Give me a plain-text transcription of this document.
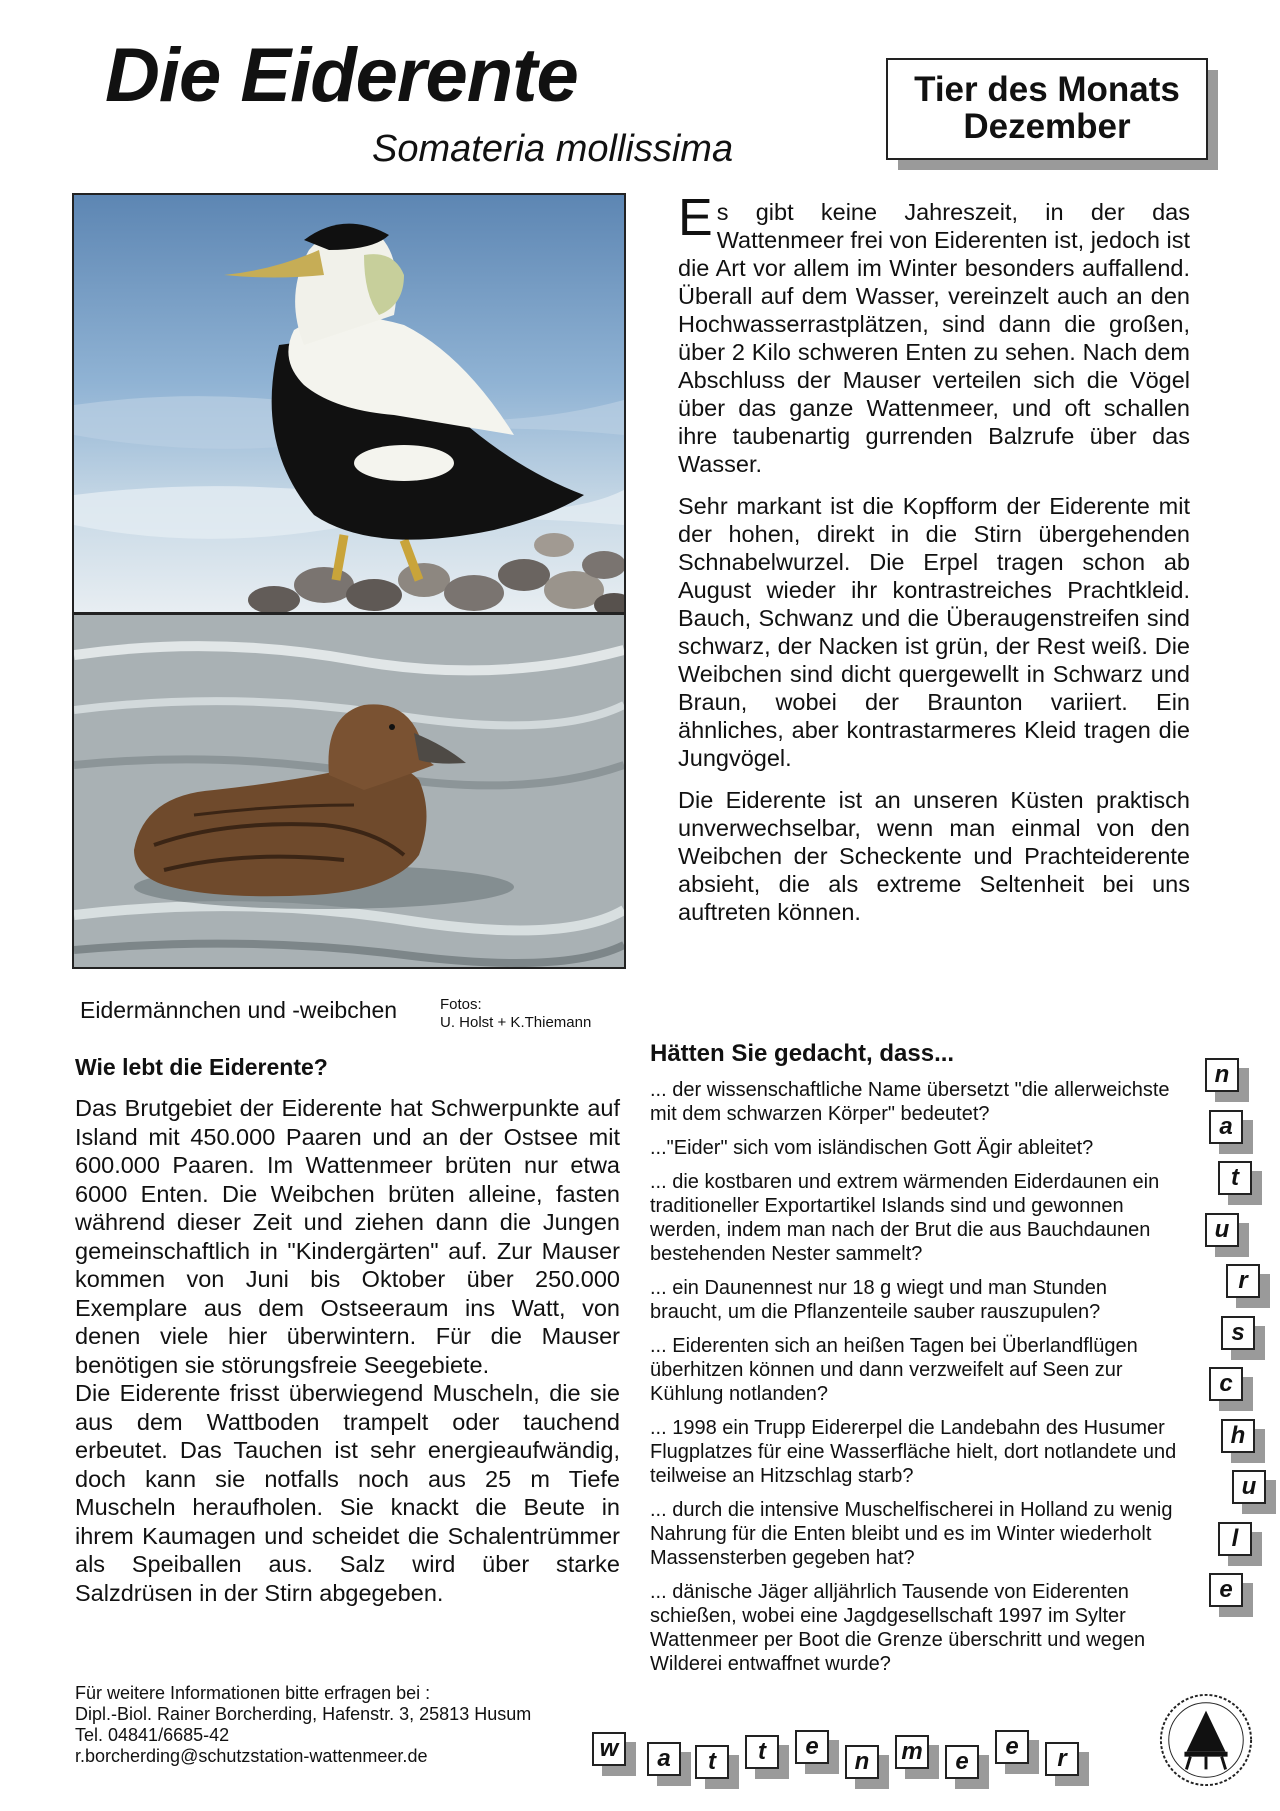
Die Eiderente
Somateria mollissima
Tier des Monats
Dezember
Eidermännchen und -weibchen	Fotos:
U. Holst + K.Thiemann

Es gibt keine Jahreszeit, in der das Wattenmeer frei von Eiderenten ist, jedoch ist die Art vor allem im Winter besonders auffallend. Überall auf dem Wasser, vereinzelt auch an den Hochwasserrastplätzen, sind dann die großen, über 2 Kilo schweren Enten zu sehen. Nach dem Abschluss der Mauser verteilen sich die Vögel über das ganze Wattenmeer, und oft schallen ihre taubenartig gurrenden Balzrufe über das Wasser.

Sehr markant ist die Kopfform der Eiderente mit der hohen, direkt in die Stirn übergehenden Schnabelwurzel. Die Erpel tragen schon ab August wieder ihr kontrastreiches Prachtkleid. Bauch, Schwanz und die Überaugenstreifen sind schwarz, der Nacken ist grün, der Rest weiß. Die Weibchen sind dicht quergewellt in Schwarz und Braun, wobei der Braunton variiert. Ein ähnliches, aber kontrastarmeres Kleid tragen die Jungvögel.

Die Eiderente ist an unseren Küsten praktisch unverwechselbar, wenn man einmal von den Weibchen der Scheckente und Prachteiderente absieht, die als extreme Seltenheit bei uns auftreten können.

Wie lebt die Eiderente?

Das Brutgebiet der Eiderente hat Schwerpunkte auf Island mit 450.000 Paaren und an der Ostsee mit 600.000 Paaren. Im Wattenmeer brüten nur etwa 6000 Enten. Die Weibchen brüten alleine, fasten während dieser Zeit und ziehen dann die Jungen gemeinschaftlich in "Kindergärten" auf. Zur Mauser kommen von Juni bis Oktober über 250.000 Exemplare aus dem Ostseeraum ins Watt, von denen viele hier überwintern. Für die Mauser benötigen sie störungsfreie Seegebiete.

Die Eiderente frisst überwiegend Muscheln, die sie aus dem Wattboden trampelt oder tauchend erbeutet. Das Tauchen ist sehr energieaufwändig, doch kann sie notfalls noch aus 25 m Tiefe Muscheln heraufholen. Sie knackt die Beute in ihrem Kaumagen und scheidet die Schalentrümmer als Speiballen aus. Salz wird über starke Salzdrüsen in der Stirn abgegeben.

Hätten Sie gedacht, dass...

... der wissenschaftliche Name übersetzt "die allerweichste mit dem schwarzen Körper" bedeutet?

..."Eider" sich vom isländischen Gott Ägir ableitet?

... die kostbaren und extrem wärmenden Eiderdaunen ein traditioneller Exportartikel Islands sind und gewonnen werden, indem man nach der Brut die aus Bauchdaunen bestehenden Nester sammelt?

... ein Daunennest nur 18 g wiegt und man Stunden braucht, um die Pflanzenteile sauber rauszupulen?

... Eiderenten sich an heißen Tagen bei Überlandflügen überhitzen können und dann verzweifelt auf Seen zur Kühlung notlanden?

... 1998 ein Trupp Eidererpel die Landebahn des Husumer Flugplatzes für eine Wasserfläche hielt, dort notlandete und teilweise an Hitzschlag starb?

... durch die intensive Muschelfischerei in Holland zu wenig Nahrung für die Enten bleibt und es im Winter wiederholt Massensterben gegeben hat?

... dänische Jäger alljährlich Tausende von Eiderenten schießen, wobei eine Jagdgesellschaft 1997 im Sylter Wattenmeer per Boot die Grenze überschritt und wegen Wilderei entwaffnet wurde?

Für weitere Informationen bitte erfragen bei :
Dipl.-Biol. Rainer Borcherding, Hafenstr. 3, 25813 Husum
Tel. 04841/6685-42
r.borcherding@schutzstation-wattenmeer.de
n
a
t
u
r
s
c
h
u
l
e
w	a	t	t	e
n	m	e
e	r
